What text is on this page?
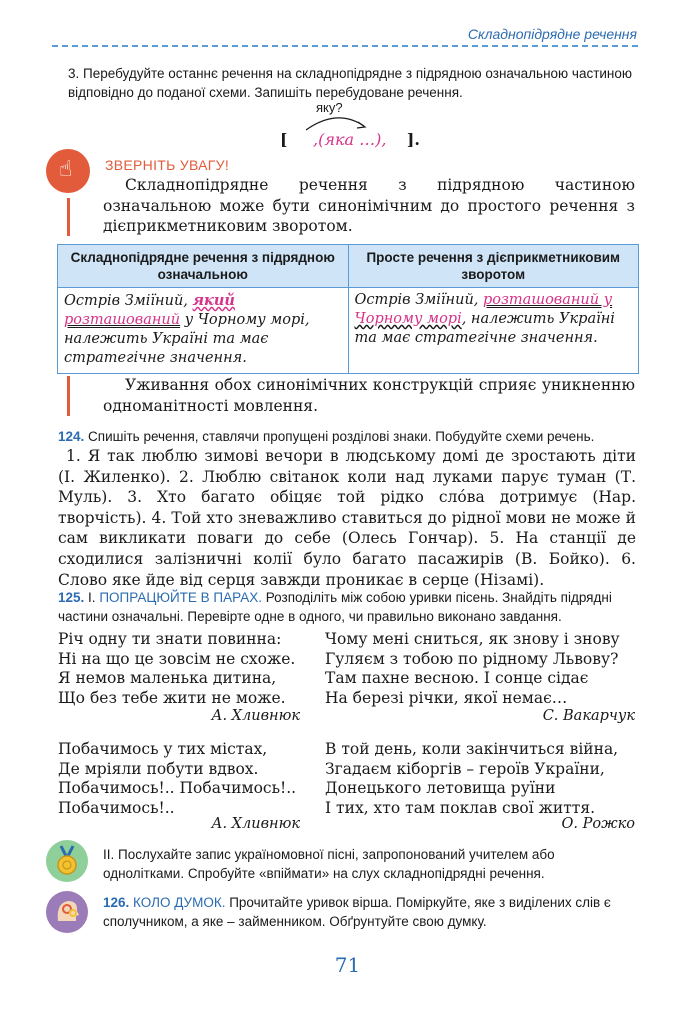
Складнопідрядне речення
3. Перебудуйте останнє речення на складнопідрядне з підрядною означальною частиною відповідно до поданої схеми. Запишіть перебудоване речення.
яку?
[ ,(яка …), ].
☝ ЗВЕРНІТЬ УВАГУ!
Складнопідрядне речення з підрядною частиною означальною може бути синонімічним до простого речення з дієприкметниковим зворотом.
Складнопідрядне речення з підрядною означальною	Просте речення з дієприкметниковим зворотом
Острів Зміїний, який розташований у Чорному морі, належить Україні та має стратегічне значення.	Острів Зміїний, розташований у Чорному морі, належить Україні та має стратегічне значення.
Уживання обох синонімічних конструкцій сприяє уникненню одноманітності мовлення.
124. Спишіть речення, ставлячи пропущені розділові знаки. Побудуйте схеми речень.
1. Я так люблю зимові вечори в людському домі де зростають діти (І. Жиленко). 2. Люблю світанок коли над луками парує туман (Т. Муль). 3. Хто багато обіцяє той рідко слóва дотримує (Нар. творчість). 4. Той хто зневажливо ставиться до рідної мови не може й сам викликати поваги до себе (Олесь Гончар). 5. На станції де сходилися залізничні колії було багато пасажирів (В. Бойко). 6. Слово яке йде від серця завжди проникає в серце (Нізамі).
125. І. ПОПРАЦЮЙТЕ В ПАРАХ. Розподіліть між собою уривки пісень. Знайдіть підрядні частини означальні. Перевірте одне в одного, чи правильно виконано завдання.
Річ одну ти знати повинна:
Ні на що це зовсім не схоже.
Я немов маленька дитина,
Що без тебе жити не може.
А. Хливнюк
Чому мені сниться, як знову і знову
Гуляєм з тобою по рідному Львову?
Там пахне весною. І сонце сідає
На березі річки, якої немає…
С. Вакарчук
Побачимось у тих містах,
Де мріяли побути вдвох.
Побачимось!.. Побачимось!..
Побачимось!..
А. Хливнюк
В той день, коли закінчиться війна,
Згадаєм кіборгів – героїв України,
Донецького летовища руїни
І тих, хто там поклав свої життя.
О. Рожко
ІІ. Послухайте запис україномовної пісні, запропонований учителем або однолітками. Спробуйте «впіймати» на слух складнопідрядні речення.
126. КОЛО ДУМОК. Прочитайте уривок вірша. Поміркуйте, яке з виділених слів є сполучником, а яке – займенником. Обґрунтуйте свою думку.
71
